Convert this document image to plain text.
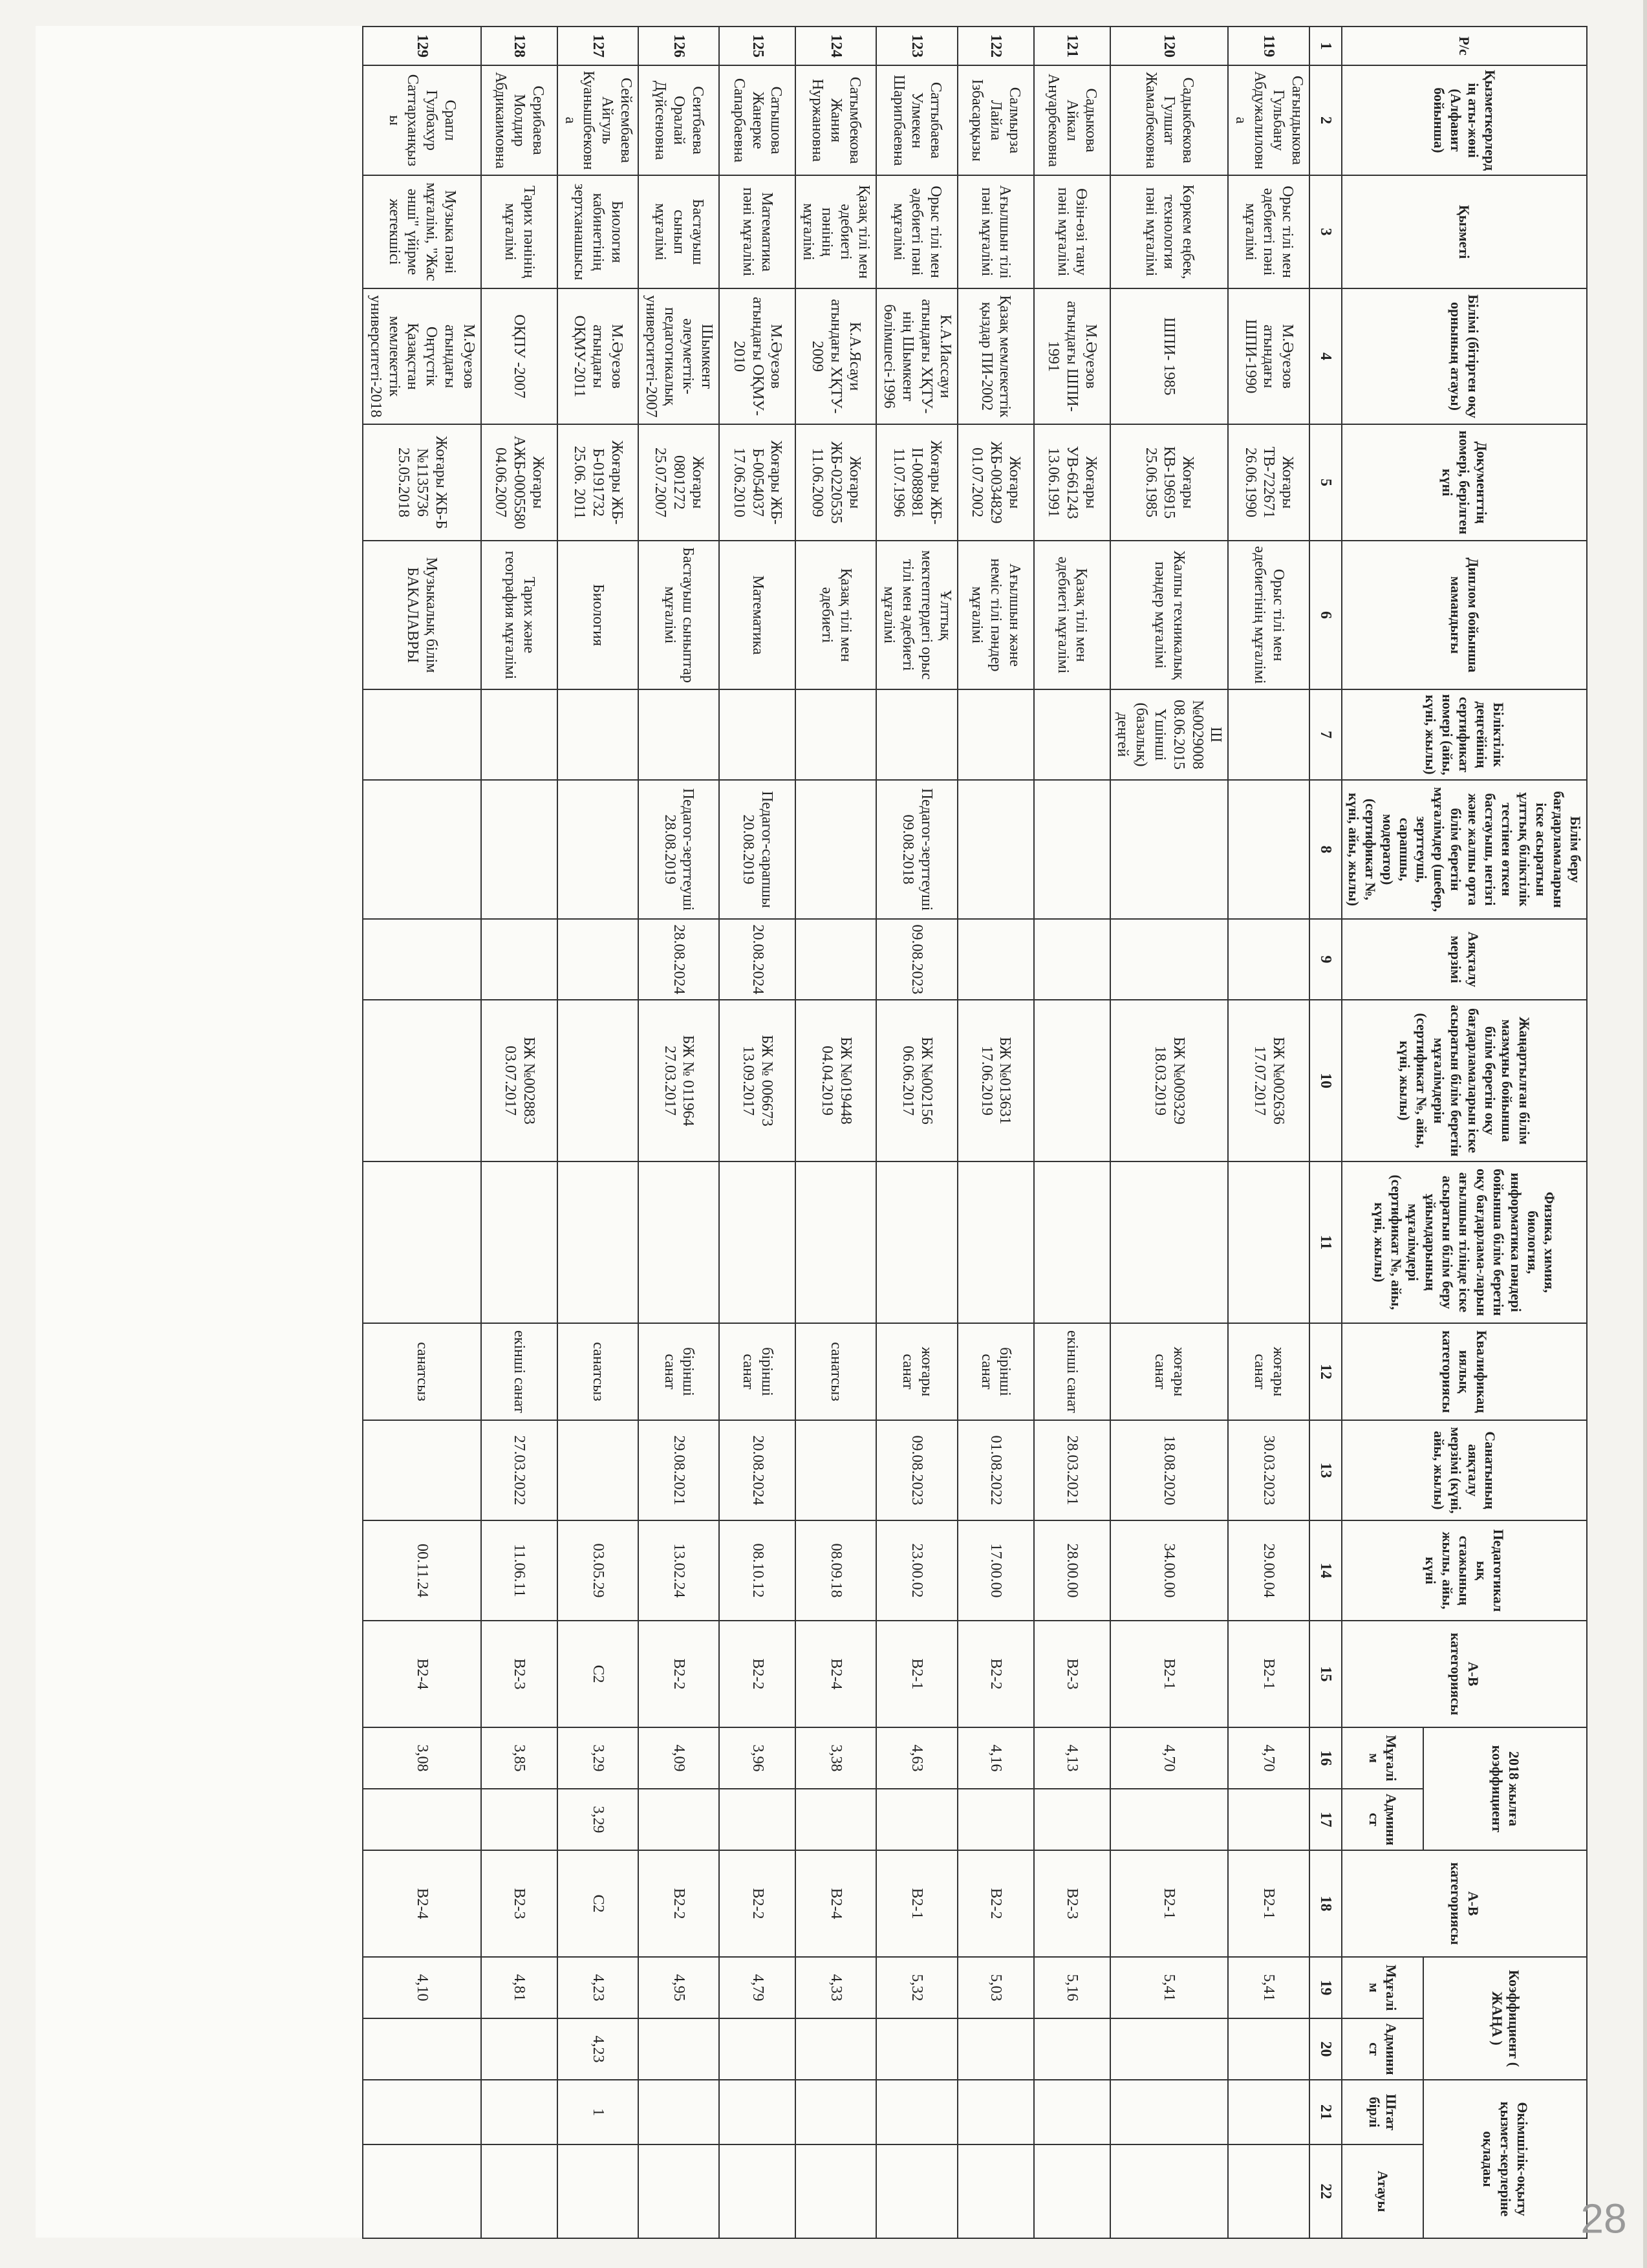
Р/с	Қызметкерлердің аты-жөні (Алфавит бойынша)	Қызметі	Білімі (бітірген оқу орнының атауы)	Документтің номері, берілген күні	Диплом бойынша мамандығы	Біліктілік деңгейінің сертификат номері (айы, күні, жылы)	Білім беру бағдарламаларын іске асыратын ұлттық біліктілік тестінен өткен бастауыш, негізгі және жалпы орта білім беретін мұғалімдер (шебер, зерттеуші, сарапшы, модератор) (сертификат №, күні, айы, жылы)	Аяқталу мерзімі	Жаңартылған білім мазмұны бойынша білім беретін оқу бағдарламаларын іске асыратын білім беретін мұғалімдерін (сертификат №, айы, күні, жылы)	Физика, химия, биология, информатика пәндері бойынша білім беретін оқу бағдарлама-ларын ағылшын тілінде іске асыратын білім беру ұйымдарының мұғалімдері (сертификат №, айы, күні, жылы)	Квалификациялық категориясы	Санатының аяқталу мерзімі (күні, айы, жылы)	Педагогикалық стажының жылы, айы, күні	А-В категориясы	2018 жылға коэффициент		А-В категориясы	Коэффициент ( ЖАҢА )		Өкімшілік-оқыту қызмет-керлеріне оқладаы	
															Мұғалім	Админист		Мұғалім	Админист	Штат бірлі	Атауы
1	2	3	4	5	6	7	8	9	10	11	12	13	14	15	16	17	18	19	20	21	22
119	Сағындыкова Гульбану Абдужалиловна	Орыс тілі мен әдебиеті пәні мұғалімі	М.Әуезов атындағы ШПИ-1990	Жоғары ТВ-722671 26.06.1990	Орыс тілі мен әдебиетінің мұғалімі				БЖ №002636 17.07.2017		жоғары санат	30.03.2023	29.00.04	В2-1	4,70		В2-1	5,41			
120	Садыкбекова Гулшат Жамалбековна	Көркем еңбек, технология пәні мұғалімі	ШПИ- 1985	Жоғары КВ-196915 25.06.1985	Жалпы техникалық пәндер мұғалімі	Ш №0029008 08.06.2015 Үшінші (базалық) деңгей			БЖ №009329 18.03.2019		жоғары санат	18.08.2020	34.00.00	В2-1	4,70		В2-1	5,41			
121	Садыкова Айкал Ануарбековна	Өзін-өзі тану пәні мұғалімі	М.Әуезов атындағы ШПИ- 1991	Жоғары УВ-661243 13.06.1991	Қазақ тілі мен әдебиеті мұғалімі						екінші санат	28.03.2021	28.00.00	В2-3	4,13		В2-3	5,16			
122	Салмырза Лайла Ізбасарқызы	Ағылшын тілі пәні мұғалімі	Қазақ мемлекеттік қыздар ПИ-2002	Жоғары ЖБ-0034829 01.07.2002	Ағылшын және неміс тілі пәндер мұғалімі				БЖ №013631 17.06.2019		бірінші санат	01.08.2022	17.00.00	В2-2	4,16		В2-2	5,03			
123	Саттыбаева Улмекен Шарипбаевна	Орыс тілі мен әдебиеті пәні мұғалімі	К.А.Иассауи атындағы ХҚТУ-нің Шымкент бөлімшесі-1996	Жоғары ЖБ-ІІ-0088981 11.07.1996	Ұлттық мектептердегі орыс тілі мен әдебиеті мұғалімі		Педагог-зерттеуші 09.08.2018	09.08.2023	БЖ №002156 06.06.2017		жоғары санат	09.08.2023	23.00.02	В2-1	4,63		В2-1	5,32			
124	Сатымбекова Жания Нуржановна	Қазақ тілі мен әдебиеті пәнінің мұғалімі	К.А.Ясауи атындағы ХҚТУ- 2009	Жоғары ЖБ-0220535 11.06.2009	Қазақ тілі мен әдебиеті				БЖ №019448 04.04.2019		санатсыз		08.09.18	В2-4	3,38		В2-4	4,33			
125	Сатышова Жанерке Сапарбаевна	Математика пәні мұғалімі	М.Әуезов атындағы ОҚМУ- 2010	Жоғары ЖБ-Б-0054037 17.06.2010	Математика		Педагог-сарапшы 20.08.2019	20.08.2024	БЖ № 006673 13.09.2017		бірінші санат	20.08.2024	08.10.12	В2-2	3,96		В2-2	4,79			
126	Сеитбаева Оралай Дүйсеновна	Бастауыш сынып мұғалімі	Шымкент әлеуметтік-педагогикалық университеті-2007	Жоғары 0801272 25.07.2007	Бастауыш сыныптар мұғалімі		Педагог-зерттеуші 28.08.2019	28.08.2024	БЖ № 011964 27.03.2017		бірінші санат	29.08.2021	13.02.24	В2-2	4,09		В2-2	4,95			
127	Сейсембаева Айгуль Куанышбековна	Биология кабинетінің зертханашысы	М.Әуезов атындағы ОҚМУ-2011	Жоғары ЖБ-Б-0191732 25.06. 2011	Биология						санатсыз		03.05.29	С2	3,29	3,29	С2	4,23	4,23	1	
128	Серибаева Молдир Абдикаимовна	Тарих пәнінің мұғалімі	ОҚПУ -2007	Жоғары АЖБ-0005580 04.06.2007	Тарих және география мұғалімі				БЖ №002883 03.07.2017		екінші санат	27.03.2022	11.06.11	В2-3	3,85		В2-3	4,81			
129	Срапл Гулбахур Саттарханқызы	Музыка пәні мұғалімі, "Жас әнші" үйірме жетекшісі	М.Әуезов атындағы Оңтүстік Қазақстан мемлекеттік университеті-2018	Жоғары ЖБ-Б №1135736 25.05.2018	Музыкалық білім БАКАЛАВРЫ						санатсыз		00.11.24	В2-4	3,08		В2-4	4,10			
28
